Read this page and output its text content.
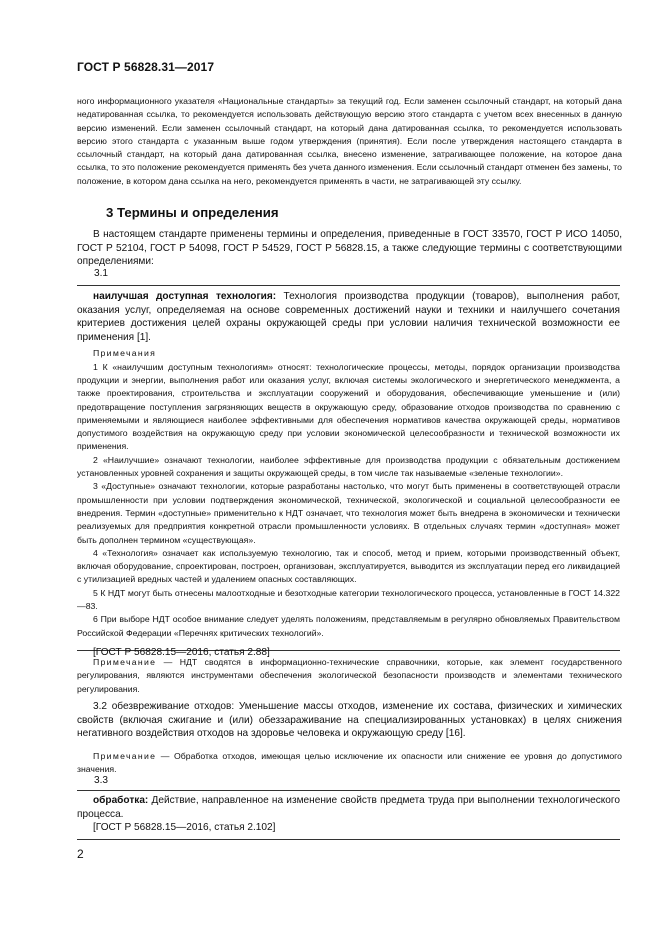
ГОСТ Р 56828.31—2017

ного информационного указателя «Национальные стандарты» за текущий год. Если заменен ссылочный стандарт, на который дана недатированная ссылка, то рекомендуется использовать действующую версию этого стандарта с учетом всех внесенных в данную версию изменений. Если заменен ссылочный стандарт, на который дана датированная ссылка, то рекомендуется использовать версию этого стандарта с указанным выше годом утверждения (принятия). Если после утверждения настоящего стандарта в ссылочный стандарт, на который дана датированная ссылка, внесено изменение, затрагивающее положение, на которое дана ссылка, то это положение рекомендуется применять без учета данного изменения. Если ссылочный стандарт отменен без замены, то положение, в котором дана ссылка на него, рекомендуется применять в части, не затрагивающей эту ссылку.

3 Термины и определения

В настоящем стандарте применены термины и определения, приведенные в ГОСТ 33570, ГОСТ Р ИСО 14050, ГОСТ Р 52104, ГОСТ Р 54098, ГОСТ Р 54529, ГОСТ Р 56828.15, а также следующие термины с соответствующими определениями:

3.1

наилучшая доступная технология: Технология производства продукции (товаров), выполнения работ, оказания услуг, определяемая на основе современных достижений науки и техники и наилучшего сочетания критериев достижения целей охраны окружающей среды при условии наличия технической возможности ее применения [1].

Примечания

1 К «наилучшим доступным технологиям» относят: технологические процессы, методы, порядок организации производства продукции и энергии, выполнения работ или оказания услуг, включая системы экологического и энергетического менеджмента, а также проектирования, строительства и эксплуатации сооружений и оборудования, обеспечивающие уменьшение и (или) предотвращение поступления загрязняющих веществ в окружающую среду, образование отходов производства по сравнению с применяемыми и являющиеся наиболее эффективными для обеспечения нормативов качества окружающей среды, нормативов допустимого воздействия на окружающую среду при условии экономической целесообразности и технической возможности их применения.

2 «Наилучшие» означают технологии, наиболее эффективные для производства продукции с обязательным достижением установленных уровней сохранения и защиты окружающей среды, в том числе так называемые «зеленые технологии».

3 «Доступные» означают технологии, которые разработаны настолько, что могут быть применены в соответствующей отрасли промышленности при условии подтверждения экономической, технической, экологической и социальной целесообразности ее внедрения. Термин «доступные» применительно к НДТ означает, что технология может быть внедрена в экономически и технически реализуемых для предприятия конкретной отрасли промышленности условиях. В отдельных случаях термин «доступная» может быть дополнен термином «существующая».

4 «Технология» означает как используемую технологию, так и способ, метод и прием, которыми производственный объект, включая оборудование, спроектирован, построен, организован, эксплуатируется, выводится из эксплуатации перед его ликвидацией с утилизацией вредных частей и удалением опасных составляющих.

5 К НДТ могут быть отнесены малоотходные и безотходные категории технологического процесса, установленные в ГОСТ 14.322—83.

6 При выборе НДТ особое внимание следует уделять положениям, представляемым в регулярно обновляемых Правительством Российской Федерации «Перечнях критических технологий».

[ГОСТ Р 56828.15—2016, статья 2.88]

Примечание — НДТ сводятся в информационно-технические справочники, которые, как элемент государственного регулирования, являются инструментами обеспечения экологической безопасности производств и элементами технического регулирования.

3.2 обезвреживание отходов: Уменьшение массы отходов, изменение их состава, физических и химических свойств (включая сжигание и (или) обеззараживание на специализированных установках) в целях снижения негативного воздействия отходов на здоровье человека и окружающую среду [16].

Примечание — Обработка отходов, имеющая целью исключение их опасности или снижение ее уровня до допустимого значения.

3.3

обработка: Действие, направленное на изменение свойств предмета труда при выполнении технологического процесса.

[ГОСТ Р 56828.15—2016, статья 2.102]

2
